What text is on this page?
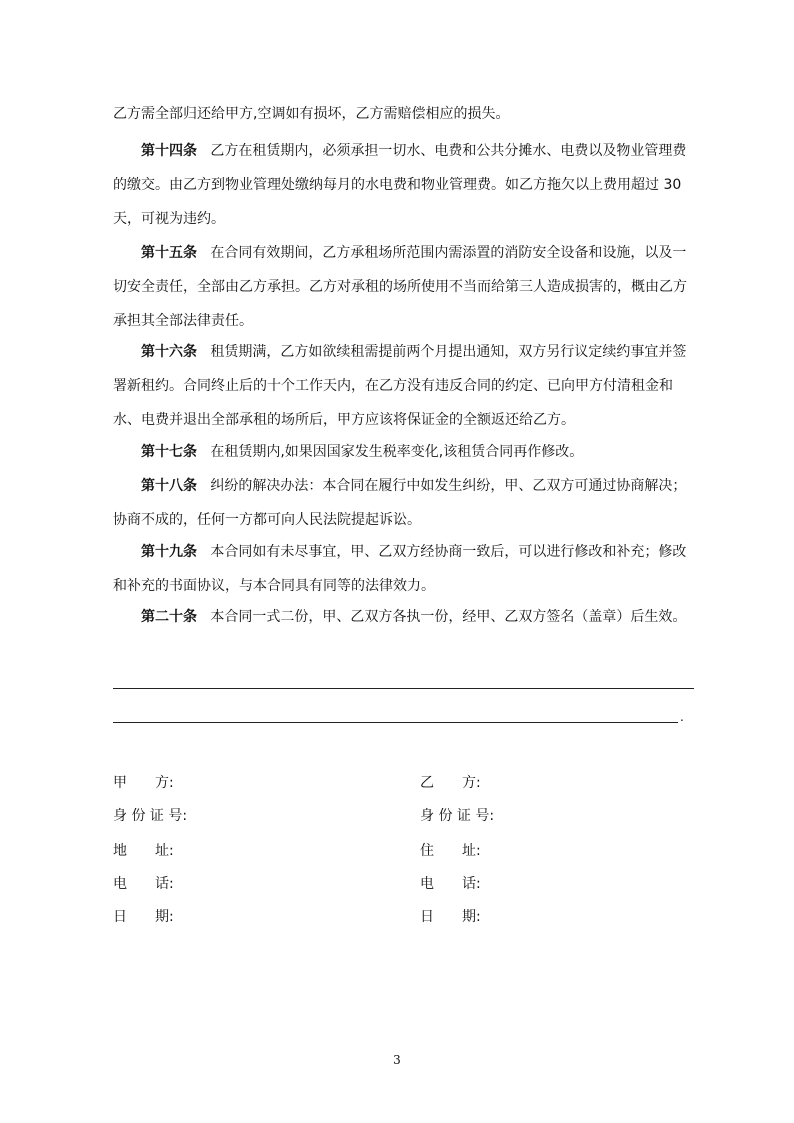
乙方需全部归还给甲方,空调如有损坏，乙方需赔偿相应的损失。

第十四条 乙方在租赁期内，必须承担一切水、电费和公共分摊水、电费以及物业管理费的缴交。由乙方到物业管理处缴纳每月的水电费和物业管理费。如乙方拖欠以上费用超过 30 天，可视为违约。

第十五条 在合同有效期间，乙方承租场所范围内需添置的消防安全设备和设施，以及一切安全责任，全部由乙方承担。乙方对承租的场所使用不当而给第三人造成损害的，概由乙方承担其全部法律责任。

第十六条 租赁期满，乙方如欲续租需提前两个月提出通知，双方另行议定续约事宜并签署新租约。合同终止后的十个工作天内，在乙方没有违反合同的约定、已向甲方付清租金和水、电费并退出全部承租的场所后，甲方应该将保证金的全额返还给乙方。

第十七条 在租赁期内,如果因国家发生税率变化,该租赁合同再作修改。

第十八条 纠纷的解决办法：本合同在履行中如发生纠纷，甲、乙双方可通过协商解决；协商不成的，任何一方都可向人民法院提起诉讼。

第十九条 本合同如有未尽事宜，甲、乙双方经协商一致后，可以进行修改和补充；修改和补充的书面协议，与本合同具有同等的法律效力。

第二十条 本合同一式二份，甲、乙双方各执一份，经甲、乙双方签名（盖章）后生效。

.
甲　　方:
身 份 证 号:
地　　址:
电　　话:
日　　期:
乙　　方:
身 份 证 号:
住　　址:
电　　话:
日　　期:
3
